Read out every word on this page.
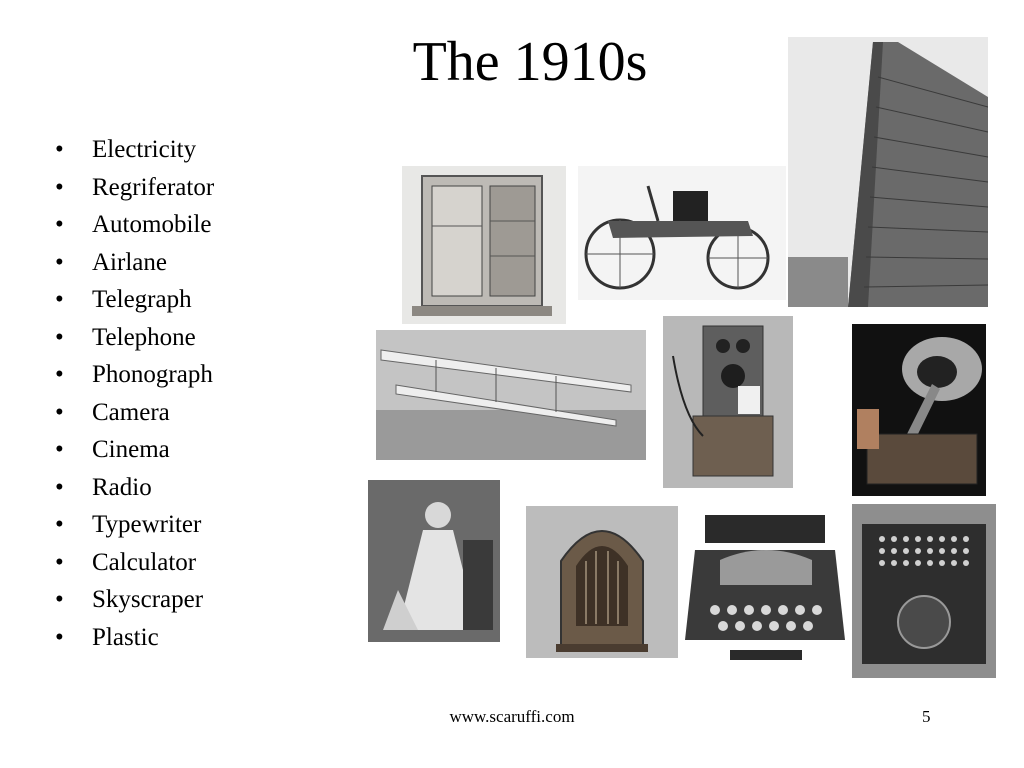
The 1910s
• Electricity
• Regriferator
• Automobile
• Airlane
• Telegraph
• Telephone
• Phonograph
• Camera
• Cinema
• Radio
• Typewriter
• Calculator
• Skyscraper
• Plastic
www.scaruffi.com	5
